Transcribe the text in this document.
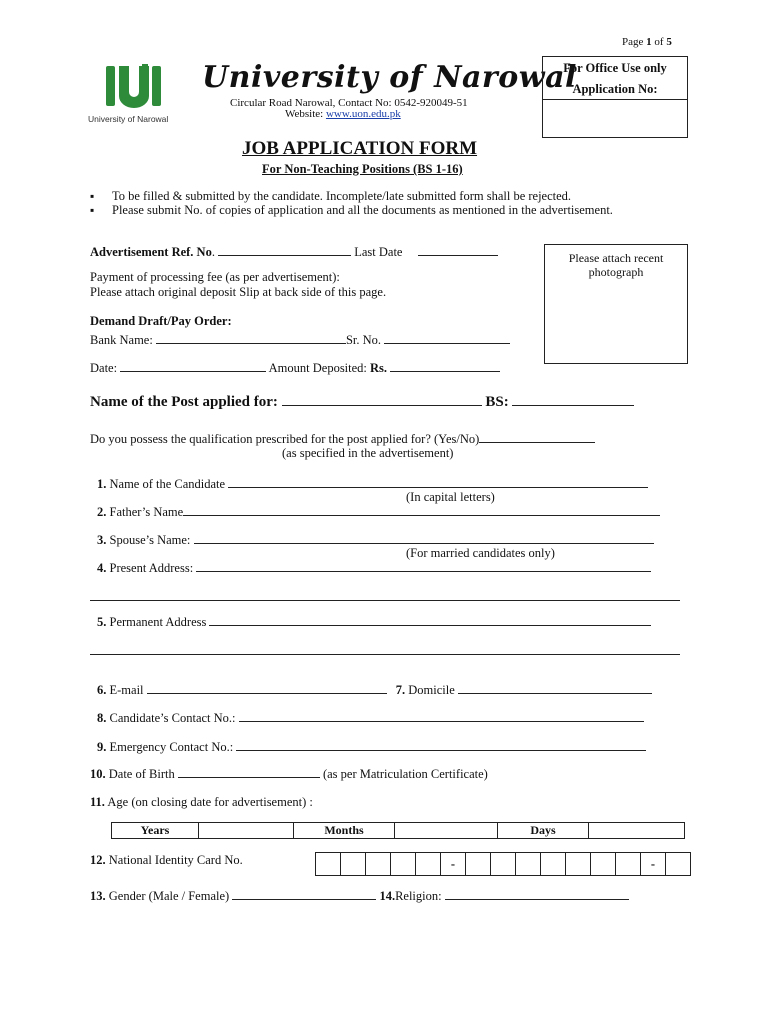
Page 1 of 5
University of Narowal
University of Narowal
Circular Road Narowal, Contact No: 0542-920049-51
Website: www.uon.edu.pk
For Office Use only
Application No:
JOB APPLICATION FORM
For Non-Teaching Positions (BS 1-16)
▪ To be filled & submitted by the candidate. Incomplete/late submitted form shall be rejected.
▪ Please submit No. of copies of application and all the documents as mentioned in the advertisement.
Please attach recent photograph
Advertisement Ref. No.	Last Date
Payment of processing fee (as per advertisement):
Please attach original deposit Slip at back side of this page.
Demand Draft/Pay Order:
Bank Name:	Sr. No.
Date:	Amount Deposited: Rs.
Name of the Post applied for:	BS:
Do you possess the qualification prescribed for the post applied for? (Yes/No)
(as specified in the advertisement)
1. Name of the Candidate
(In capital letters)
2. Father’s Name
3. Spouse’s Name:
(For married candidates only)
4. Present Address:
5. Permanent Address
6. E-mail	7. Domicile
8. Candidate’s Contact No.:
9. Emergency Contact No.:
10. Date of Birth	(as per Matriculation Certificate)
11. Age (on closing date for advertisement) :
Years		Months		Days	
12. National Identity Card No.	-	-
13. Gender (Male / Female)	14.Religion:
